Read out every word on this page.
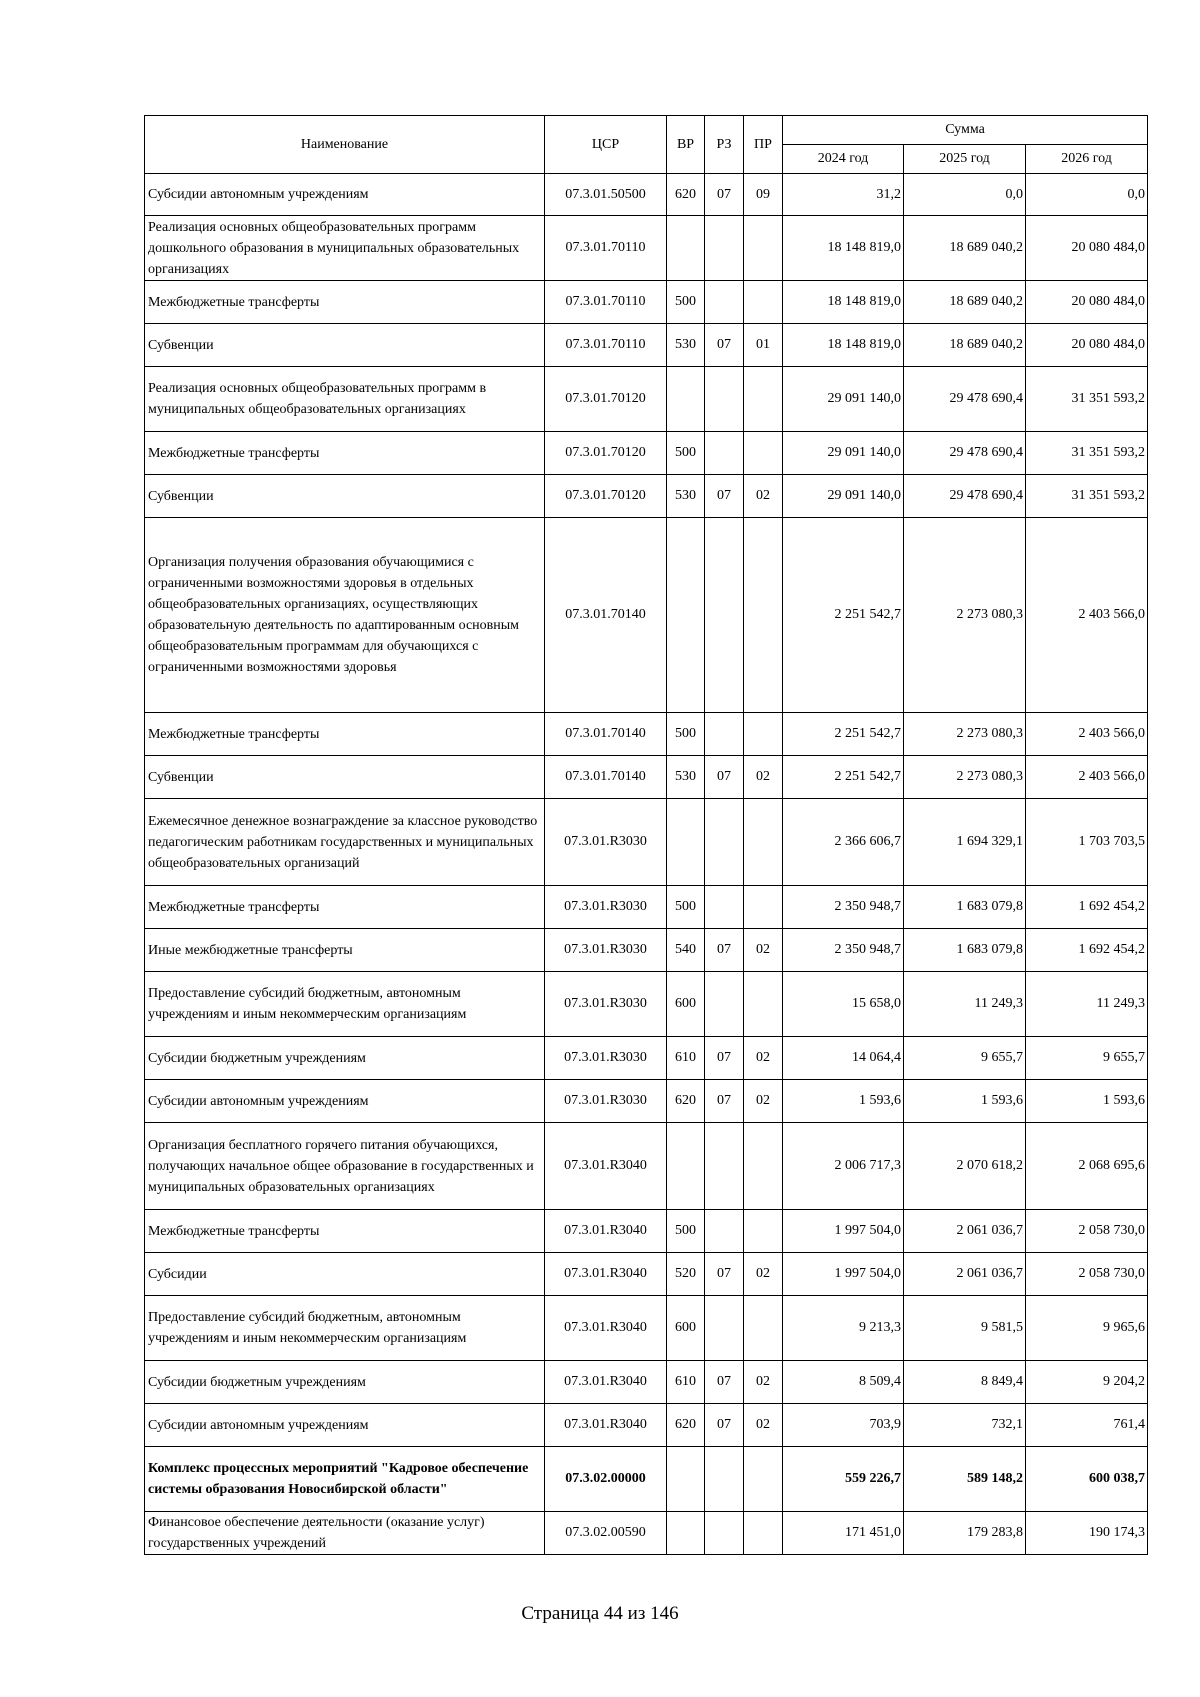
Наименование	ЦСР	ВР	РЗ	ПР	Сумма		
					2024 год	2025 год	2026 год
Субсидии автономным учреждениям	07.3.01.50500	620	07	09	31,2	0,0	0,0
Реализация основных общеобразовательных программ дошкольного образования в муниципальных образовательных организациях	07.3.01.70110				18 148 819,0	18 689 040,2	20 080 484,0
Межбюджетные трансферты	07.3.01.70110	500			18 148 819,0	18 689 040,2	20 080 484,0
Субвенции	07.3.01.70110	530	07	01	18 148 819,0	18 689 040,2	20 080 484,0
Реализация основных общеобразовательных программ в муниципальных общеобразовательных организациях	07.3.01.70120				29 091 140,0	29 478 690,4	31 351 593,2
Межбюджетные трансферты	07.3.01.70120	500			29 091 140,0	29 478 690,4	31 351 593,2
Субвенции	07.3.01.70120	530	07	02	29 091 140,0	29 478 690,4	31 351 593,2
Организация получения образования обучающимися с ограниченными возможностями здоровья в отдельных общеобразовательных организациях, осуществляющих образовательную деятельность по адаптированным основным общеобразовательным программам для обучающихся с ограниченными возможностями здоровья	07.3.01.70140				2 251 542,7	2 273 080,3	2 403 566,0
Межбюджетные трансферты	07.3.01.70140	500			2 251 542,7	2 273 080,3	2 403 566,0
Субвенции	07.3.01.70140	530	07	02	2 251 542,7	2 273 080,3	2 403 566,0
Ежемесячное денежное вознаграждение за классное руководство педагогическим работникам государственных и муниципальных общеобразовательных организаций	07.3.01.R3030				2 366 606,7	1 694 329,1	1 703 703,5
Межбюджетные трансферты	07.3.01.R3030	500			2 350 948,7	1 683 079,8	1 692 454,2
Иные межбюджетные трансферты	07.3.01.R3030	540	07	02	2 350 948,7	1 683 079,8	1 692 454,2
Предоставление субсидий бюджетным, автономным учреждениям и иным некоммерческим организациям	07.3.01.R3030	600			15 658,0	11 249,3	11 249,3
Субсидии бюджетным учреждениям	07.3.01.R3030	610	07	02	14 064,4	9 655,7	9 655,7
Субсидии автономным учреждениям	07.3.01.R3030	620	07	02	1 593,6	1 593,6	1 593,6
Организация бесплатного горячего питания обучающихся, получающих начальное общее образование в государственных и муниципальных образовательных организациях	07.3.01.R3040				2 006 717,3	2 070 618,2	2 068 695,6
Межбюджетные трансферты	07.3.01.R3040	500			1 997 504,0	2 061 036,7	2 058 730,0
Субсидии	07.3.01.R3040	520	07	02	1 997 504,0	2 061 036,7	2 058 730,0
Предоставление субсидий бюджетным, автономным учреждениям и иным некоммерческим организациям	07.3.01.R3040	600			9 213,3	9 581,5	9 965,6
Субсидии бюджетным учреждениям	07.3.01.R3040	610	07	02	8 509,4	8 849,4	9 204,2
Субсидии автономным учреждениям	07.3.01.R3040	620	07	02	703,9	732,1	761,4
Комплекс процессных мероприятий "Кадровое обеспечение системы образования Новосибирской области"	07.3.02.00000				559 226,7	589 148,2	600 038,7
Финансовое обеспечение деятельности (оказание услуг) государственных учреждений	07.3.02.00590				171 451,0	179 283,8	190 174,3
Страница 44 из 146
